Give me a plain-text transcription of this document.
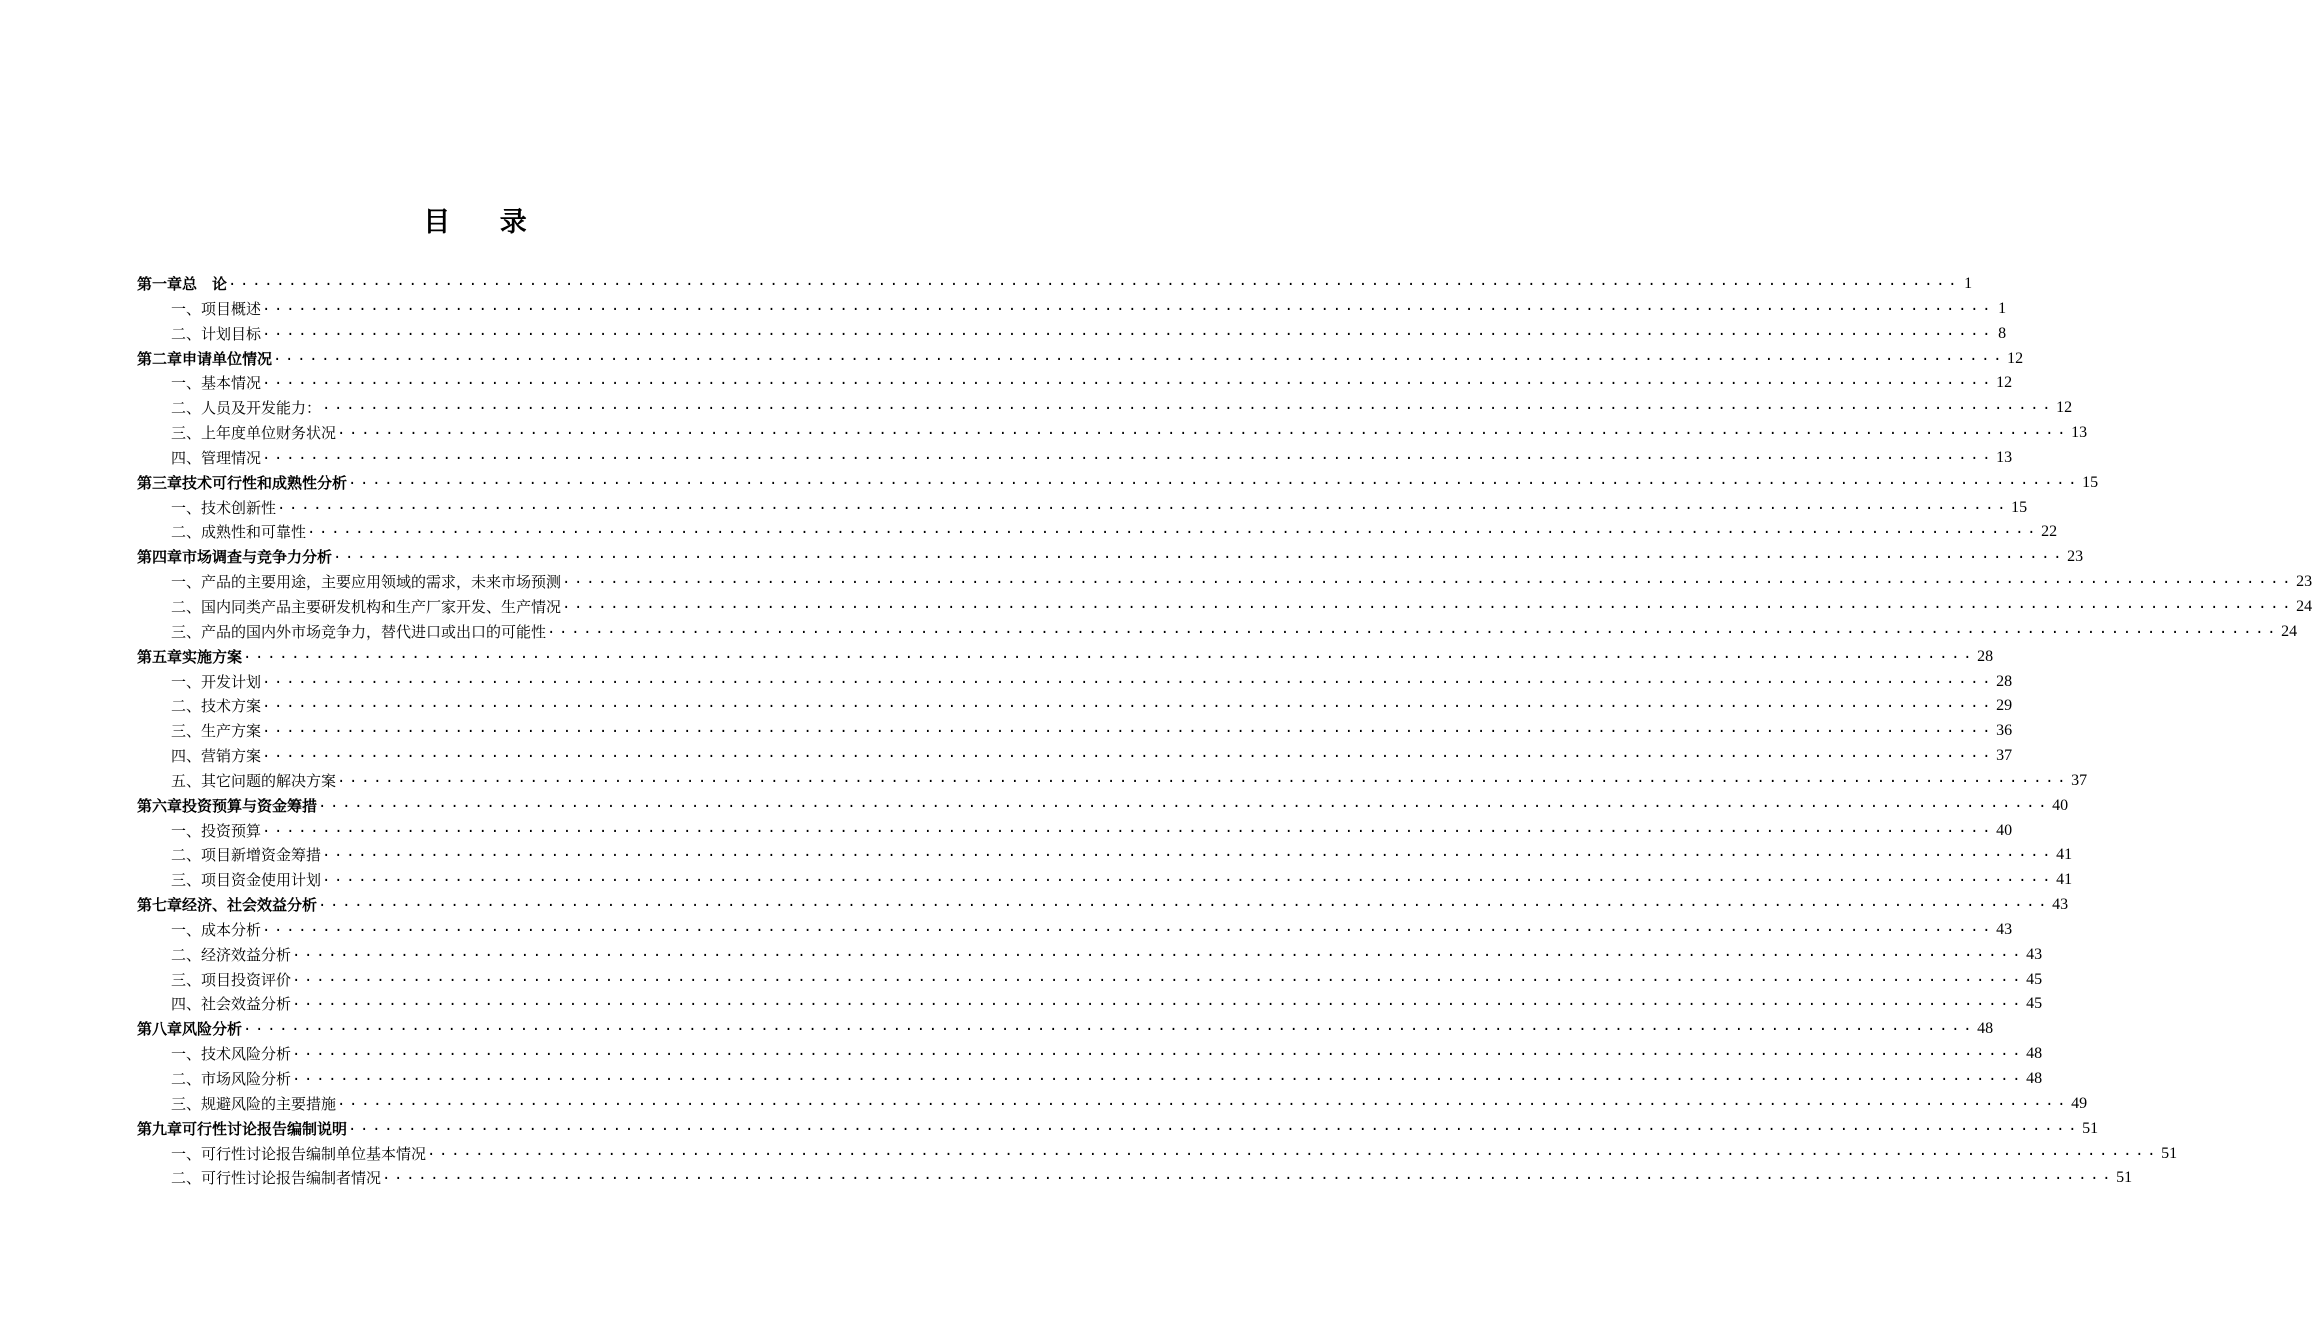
目 录
第一章 总　论 ................................................................................................................................................ 1
一、 项目概述 ................................................................................................................................................ 1
二、 计划目标 ................................................................................................................................................ 8
第二章 申请单位情况 ................................................................................................................................................ 12
一、 基本情况 ................................................................................................................................................ 12
二、 人员及开发能力： ................................................................................................................................................ 12
三、 上年度单位财务状况 ................................................................................................................................................ 13
四、 管理情况 ................................................................................................................................................ 13
第三章 技术可行性和成熟性分析 ................................................................................................................................................ 15
一、 技术创新性 ................................................................................................................................................ 15
二、 成熟性和可靠性 ................................................................................................................................................ 22
第四章 市场调查与竞争力分析 ................................................................................................................................................ 23
一、 产品的主要用途，主要应用领域的需求，未来市场预测 ................................................................................................................................................ 23
二、 国内同类产品主要研发机构和生产厂家开发、生产情况 ................................................................................................................................................ 24
三、 产品的国内外市场竞争力，替代进口或出口的可能性 ................................................................................................................................................ 24
第五章 实施方案 ................................................................................................................................................ 28
一、 开发计划 ................................................................................................................................................ 28
二、 技术方案 ................................................................................................................................................ 29
三、 生产方案 ................................................................................................................................................ 36
四、 营销方案 ................................................................................................................................................ 37
五、 其它问题的解决方案 ................................................................................................................................................ 37
第六章 投资预算与资金筹措 ................................................................................................................................................ 40
一、 投资预算 ................................................................................................................................................ 40
二、 项目新增资金筹措 ................................................................................................................................................ 41
三、 项目资金使用计划 ................................................................................................................................................ 41
第七章 经济、社会效益分析 ................................................................................................................................................ 43
一、 成本分析 ................................................................................................................................................ 43
二、 经济效益分析 ................................................................................................................................................ 43
三、 项目投资评价 ................................................................................................................................................ 45
四、 社会效益分析 ................................................................................................................................................ 45
第八章 风险分析 ................................................................................................................................................ 48
一、 技术风险分析 ................................................................................................................................................ 48
二、 市场风险分析 ................................................................................................................................................ 48
三、 规避风险的主要措施 ................................................................................................................................................ 49
第九章 可行性讨论报告编制说明 ................................................................................................................................................ 51
一、 可行性讨论报告编制单位基本情况 ................................................................................................................................................ 51
二、 可行性讨论报告编制者情况 ................................................................................................................................................ 51
